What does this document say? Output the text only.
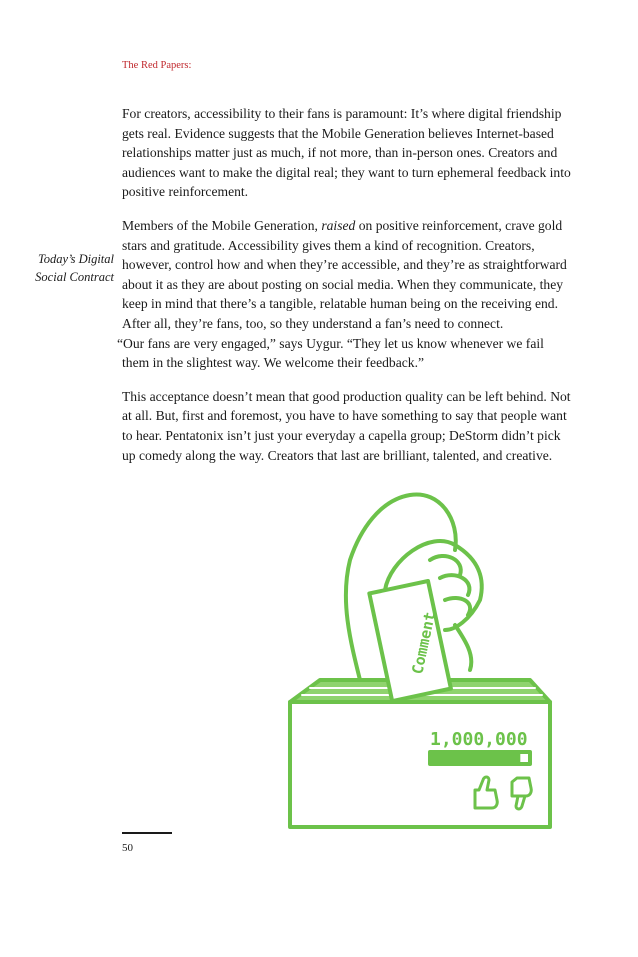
The Red Papers:
Today’s Digital
Social Contract

For creators, accessibility to their fans is paramount: It’s where digital friendship gets real. Evidence suggests that the Mobile Generation believes Internet-based relationships matter just as much, if not more, than in-person ones. Creators and audiences want to make the digital real; they want to turn ephemeral feedback into positive reinforcement.

Members of the Mobile Generation, raised on positive reinforcement, crave gold stars and gratitude. Accessibility gives them a kind of recognition. Creators, however, control how and when they’re accessible, and they’re as straightforward about it as they are about posting on social media. When they communicate, they keep in mind that there’s a tangible, relatable human being on the receiving end. After all, they’re fans, too, so they understand a fan’s need to connect.
“Our fans are very engaged,” says Uygur. “They let us know whenever we fail them in the slightest way. We welcome their feedback.”

This acceptance doesn’t mean that good production quality can be left behind. Not at all. But, first and foremost, you have to have something to say that people want to hear. Pentatonix isn’t just your everyday a capella group; DeStorm didn’t pick up comedy along the way. Creators that last are brilliant, talented, and creative.

Comment
1,000,000
50
